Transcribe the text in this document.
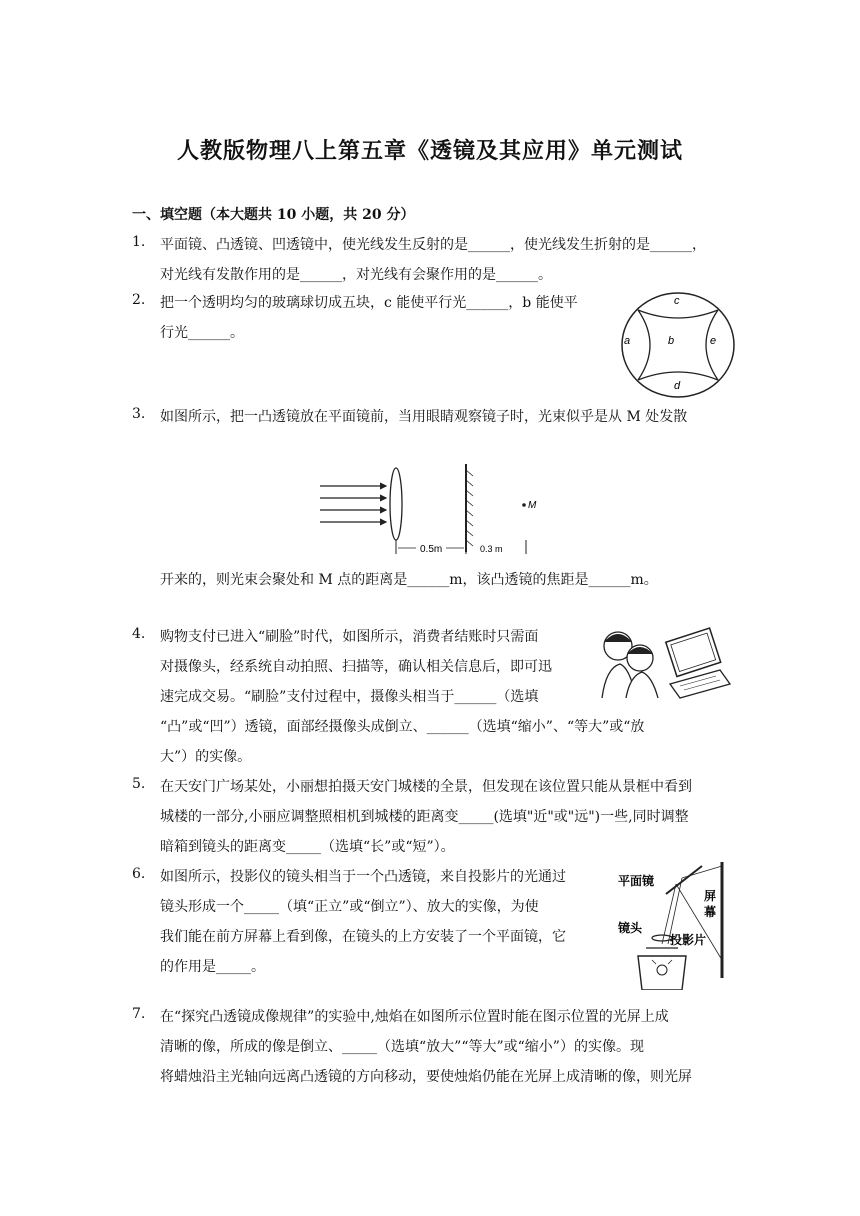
人教版物理八上第五章《透镜及其应用》单元测试
一、填空题（本大题共 10 小题，共 20 分）
1. 平面镜、凸透镜、凹透镜中，使光线发生反射的是______，使光线发生折射的是______，
对光线有发散作用的是______，对光线有会聚作用的是______。
2. 把一个透明均匀的玻璃球切成五块，c 能使平行光______，b 能使平
行光______。	a	b
c
d
e
3. 如图所示，把一凸透镜放在平面镜前，当用眼睛观察镜子时，光束似乎是从 M 处发散
M
0.5m	0.3 m
开来的，则光束会聚处和 M 点的距离是______m，该凸透镜的焦距是______m。
4. 购物支付已进入“刷脸”时代，如图所示，消费者结账时只需面
对摄像头，经系统自动拍照、扫描等，确认相关信息后，即可迅
速完成交易。“刷脸”支付过程中，摄像头相当于______（选填
“凸”或“凹”）透镜，面部经摄像头成倒立、______（选填“缩小”、“等大”或“放
大”）的实像。
5. 在天安门广场某处，小丽想拍摄天安门城楼的全景，但发现在该位置只能从景框中看到
城楼的一部分,小丽应调整照相机到城楼的距离变_____(选填"近"或"远")一些,同时调整
暗箱到镜头的距离变_____（选填“长”或“短”）。
6. 如图所示，投影仪的镜头相当于一个凸透镜，来自投影片的光通过
镜头形成一个_____（填“正立”或“倒立”）、放大的实像，为使
我们能在前方屏幕上看到像，在镜头的上方安装了一个平面镜，它
的作用是_____。
平面镜
屏
幕
镜头
投影片
7. 在“探究凸透镜成像规律”的实验中,烛焰在如图所示位置时能在图示位置的光屏上成
清晰的像，所成的像是倒立、_____（选填“放大”“等大”或“缩小”）的实像。现
将蜡烛沿主光轴向远离凸透镜的方向移动，要使烛焰仍能在光屏上成清晰的像，则光屏
